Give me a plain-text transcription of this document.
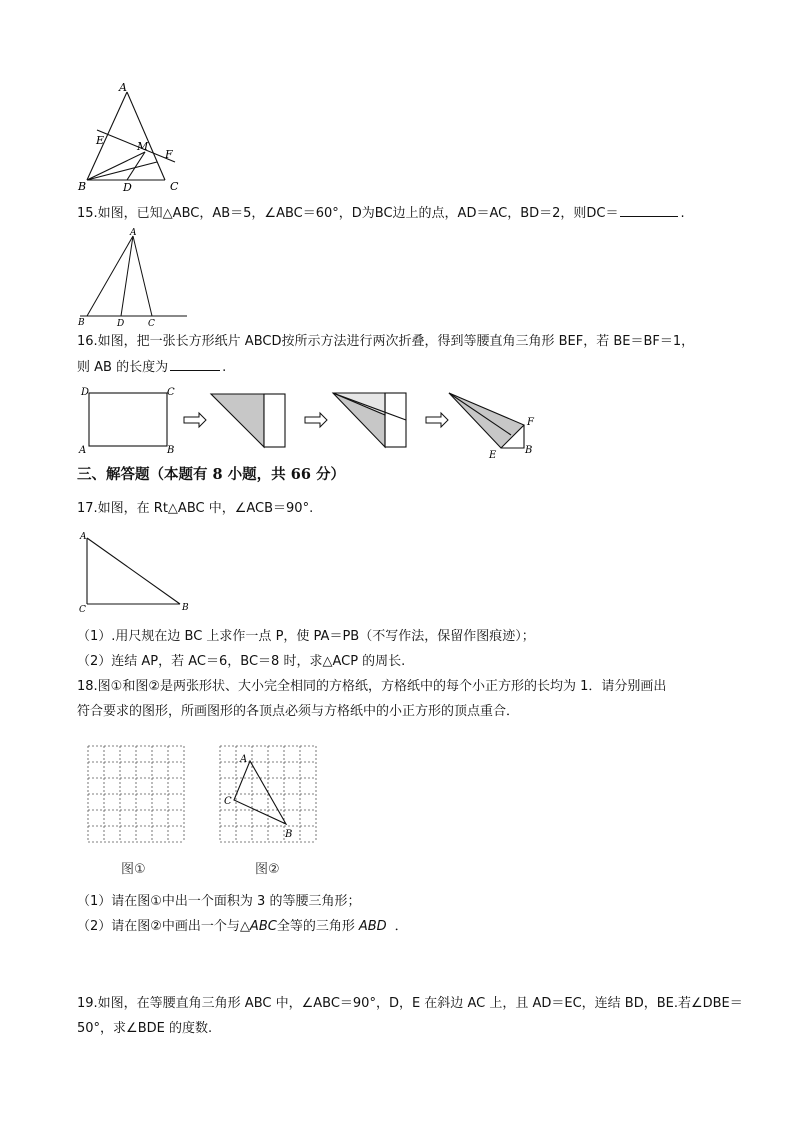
A
E	M
F
B	D	C
15.如图，已知△ABC，AB＝5，∠ABC＝60°，D为BC边上的点，AD＝AC，BD＝2，则DC＝	.
A
B	D	C
16.如图，把一张长方形纸片 ABCD按所示方法进行两次折叠，得到等腰直角三角形 BEF，若 BE＝BF＝1，
则 AB 的长度为	.
D	C
A	B
F
E	B
三、解答题（本题有 8 小题，共 66 分）
17.如图，在 Rt△ABC 中，∠ACB＝90°.
A
C	B
（1）.用尺规在边 BC 上求作一点 P，使 PA＝PB（不写作法，保留作图痕迹）；
（2）连结 AP，若 AC＝6，BC＝8 时，求△ACP 的周长.
18.图①和图②是两张形状、大小完全相同的方格纸，方格纸中的每个小正方形的长均为 1．请分别画出
符合要求的图形，所画图形的各顶点必须与方格纸中的小正方形的顶点重合．
A
C
B
图①	图②
（1）请在图①中出一个面积为 3 的等腰三角形；
（2）请在图②中画出一个与△ABC全等的三角形 ABD ．
19.如图，在等腰直角三角形 ABC 中，∠ABC＝90°，D，E 在斜边 AC 上，且 AD＝EC，连结 BD，BE.若∠DBE＝
50°，求∠BDE 的度数.
